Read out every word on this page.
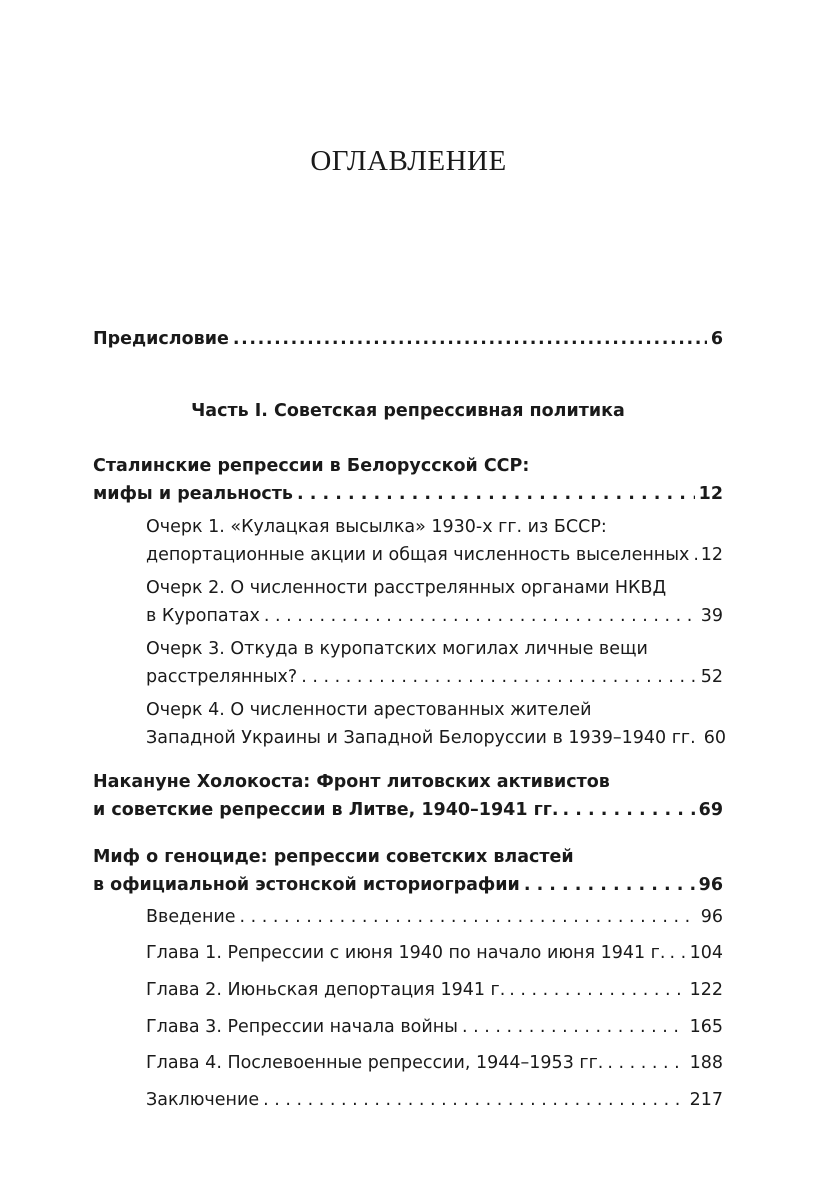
ОГЛАВЛЕНИЕ
Предисловие .....	6
Часть I. Советская репрессивная политика
Сталинские репрессии в Белорусской ССР:
мифы и реальность . . .	12
Очерк 1. «Кулацкая высылка» 1930-х гг. из БССР:
депортационные акции и общая численность выселенных . . . 12
Очерк 2. О численности расстрелянных органами НКВД
в Куропатах . . .	39
Очерк 3. Откуда в куропатских могилах личные вещи
расстрелянных? . . .	52
Очерк 4. О численности арестованных жителей
Западной Украины и Западной Белоруссии в 1939–1940 гг. 60
Накануне Холокоста: Фронт литовских активистов
и советские репрессии в Литве, 1940–1941 гг. . . .	69
Миф о геноциде: репрессии советских властей
в официальной эстонской историографии . . .	96
Введение . . .	96
Глава 1. Репрессии с июня 1940 по начало июня 1941 г. . . . 104
Глава 2. Июньская депортация 1941 г. . . .	122
Глава 3. Репрессии начала войны . . .	165
Глава 4. Послевоенные репрессии, 1944–1953 гг. . . .	188
Заключение . . .	217
